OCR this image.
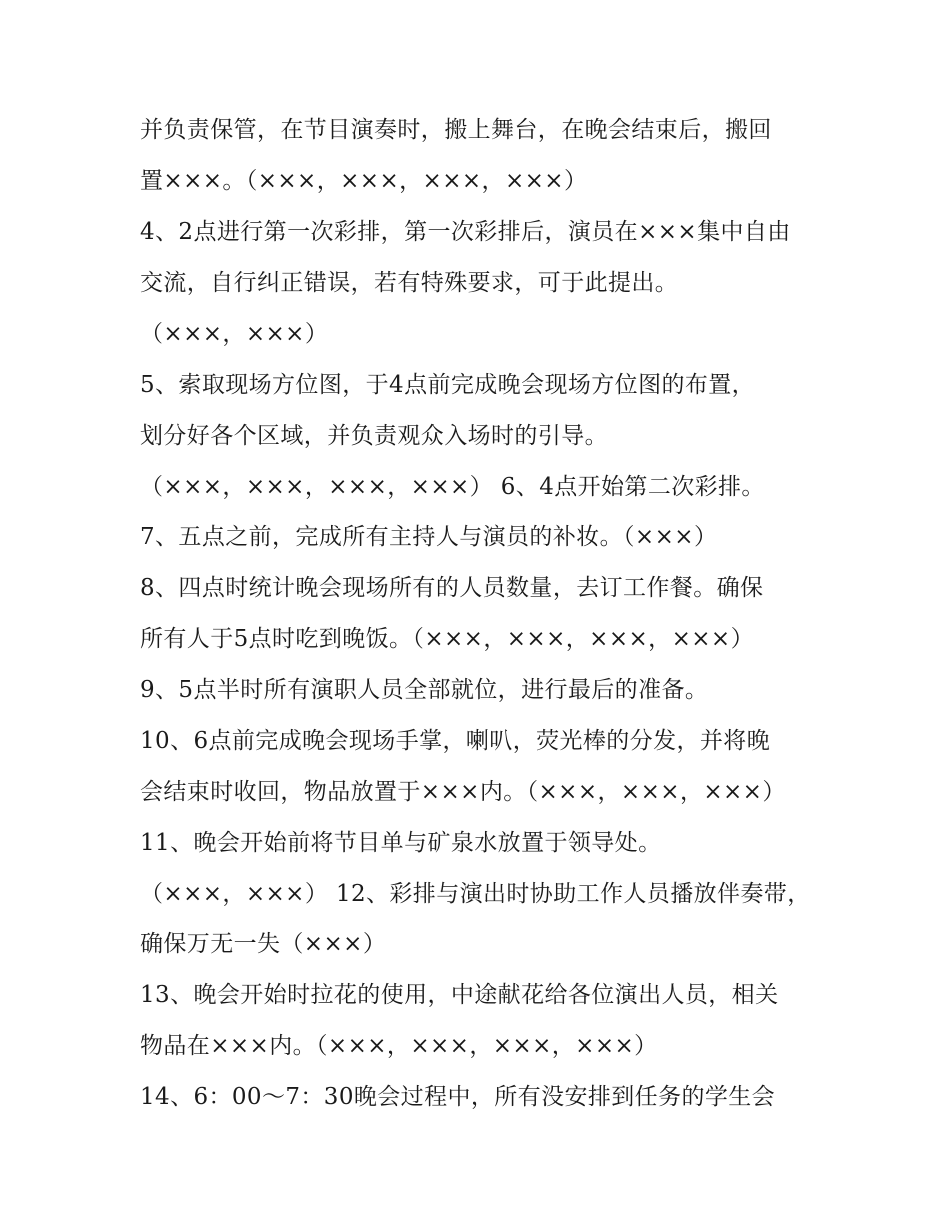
并负责保管，在节目演奏时，搬上舞台，在晚会结束后，搬回
置×××。（×××，×××，×××，×××）
4、2点进行第一次彩排，第一次彩排后，演员在×××集中自由
交流，自行纠正错误，若有特殊要求，可于此提出。
（×××，×××）
5、索取现场方位图，于4点前完成晚会现场方位图的布置，
划分好各个区域，并负责观众入场时的引导。
（×××，×××，×××，×××） 6、4点开始第二次彩排。
7、五点之前，完成所有主持人与演员的补妆。（×××）
8、四点时统计晚会现场所有的人员数量，去订工作餐。确保
所有人于5点时吃到晚饭。（×××，×××，×××，×××）
9、5点半时所有演职人员全部就位，进行最后的准备。
10、6点前完成晚会现场手掌，喇叭，荧光棒的分发，并将晚
会结束时收回，物品放置于×××内。（×××，×××，×××）
11、晚会开始前将节目单与矿泉水放置于领导处。
（×××，×××） 12、彩排与演出时协助工作人员播放伴奏带，
确保万无一失（×××）
13、晚会开始时拉花的使用，中途献花给各位演出人员，相关
物品在×××内。（×××，×××，×××，×××）
14、6：00～7：30晚会过程中，所有没安排到任务的学生会
